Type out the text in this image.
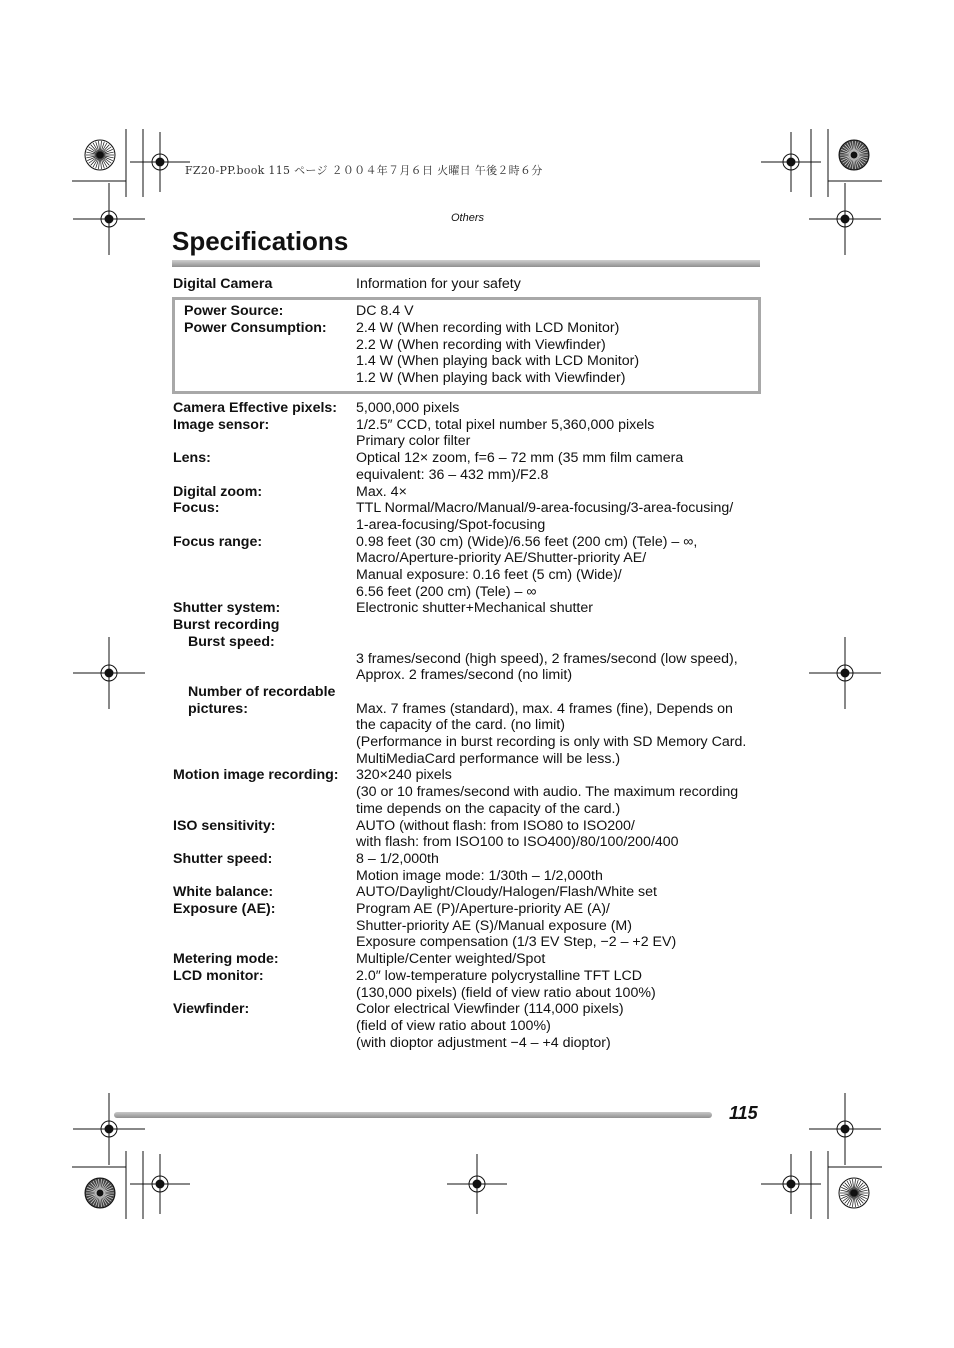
FZ20-PP.book 115 ページ ２００４年７月６日 火曜日 午後２時６分
Others
Specifications
Digital Camera	Information for your safety
Power Source:	DC 8.4 V
Power Consumption: 2.4 W (When recording with LCD Monitor)
2.2 W (When recording with Viewfinder)
1.4 W (When playing back with LCD Monitor)
1.2 W (When playing back with Viewfinder)
Camera Effective pixels: 5,000,000 pixels
Image sensor:	1/2.5″ CCD, total pixel number 5,360,000 pixels
Primary color filter
Lens:	Optical 12× zoom, f=6 – 72 mm (35 mm film camera
equivalent: 36 – 432 mm)/F2.8
Digital zoom:	Max. 4×
Focus:	TTL Normal/Macro/Manual/9-area-focusing/3-area-focusing/
1-area-focusing/Spot-focusing
Focus range:	0.98 feet (30 cm) (Wide)/6.56 feet (200 cm) (Tele) – ∞,
Macro/Aperture-priority AE/Shutter-priority AE/
Manual exposure: 0.16 feet (5 cm) (Wide)/
6.56 feet (200 cm) (Tele) – ∞
Shutter system:	Electronic shutter+Mechanical shutter
Burst recording
Burst speed:
3 frames/second (high speed), 2 frames/second (low speed),
Approx. 2 frames/second (no limit)
Number of recordable
pictures:	Max. 7 frames (standard), max. 4 frames (fine), Depends on
the capacity of the card. (no limit)
(Performance in burst recording is only with SD Memory Card.
MultiMediaCard performance will be less.)
Motion image recording: 320×240 pixels
(30 or 10 frames/second with audio. The maximum recording
time depends on the capacity of the card.)
ISO sensitivity:	AUTO (without flash: from ISO80 to ISO200/
with flash: from ISO100 to ISO400)/80/100/200/400
Shutter speed:	8 – 1/2,000th
Motion image mode: 1/30th – 1/2,000th
White balance:	AUTO/Daylight/Cloudy/Halogen/Flash/White set
Exposure (AE):	Program AE (P)/Aperture-priority AE (A)/
Shutter-priority AE (S)/Manual exposure (M)
Exposure compensation (1/3 EV Step, −2 – +2 EV)
Metering mode:	Multiple/Center weighted/Spot
LCD monitor:	2.0″ low-temperature polycrystalline TFT LCD
(130,000 pixels) (field of view ratio about 100%)
Viewfinder:	Color electrical Viewfinder (114,000 pixels)
(field of view ratio about 100%)
(with dioptor adjustment −4 – +4 dioptor)
115
